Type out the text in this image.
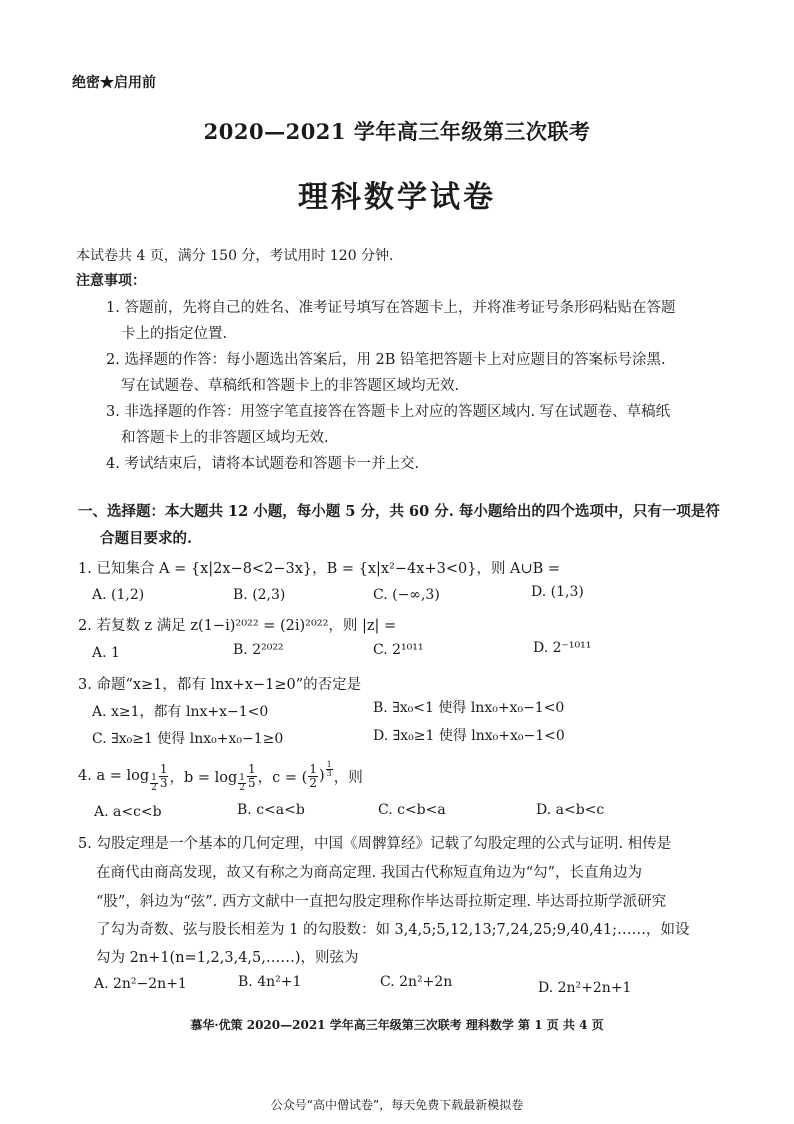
绝密★启用前
2020—2021 学年高三年级第三次联考
理科数学试卷
本试卷共 4 页，满分 150 分，考试用时 120 分钟.
注意事项：
1. 答题前，先将自己的姓名、准考证号填写在答题卡上，并将准考证号条形码粘贴在答题
卡上的指定位置.
2. 选择题的作答：每小题选出答案后，用 2B 铅笔把答题卡上对应题目的答案标号涂黑.
写在试题卷、草稿纸和答题卡上的非答题区域均无效.
3. 非选择题的作答：用签字笔直接答在答题卡上对应的答题区域内. 写在试题卷、草稿纸
和答题卡上的非答题区域均无效.
4. 考试结束后，请将本试题卷和答题卡一并上交.
一、选择题：本大题共 12 小题，每小题 5 分，共 60 分. 每小题给出的四个选项中，只有一项是符
合题目要求的.
1. 已知集合 A = {x|2x−8<2−3x}，B = {x|x²−4x+3<0}，则 A∪B =
A. (1,2)	B. (2,3)	C. (−∞,3)	D. (1,3)
2. 若复数 z 满足 z(1−i)²⁰²² = (2i)²⁰²²，则 |z| =
A. 1	B. 2²⁰²²	C. 2¹⁰¹¹	D. 2⁻¹⁰¹¹
3. 命题“x≥1，都有 lnx+x−1≥0”的否定是
A. x≥1，都有 lnx+x−1<0	B. ∃x₀<1 使得 lnx₀+x₀−1<0
C. ∃x₀≥1 使得 lnx₀+x₀−1≥0	D. ∃x₀≥1 使得 lnx₀+x₀−1<0
4. $a = \log \frac{1}{2} \frac{1}{3}$ ，$b = \log \frac{1}{2} \frac{1}{5}$ ，c = ( $\frac{1}{2}$ ) $\frac{1}{3}$ ，则
A. a<c<b	B. c<a<b	C. c<b<a	D. a<b<c
5. 勾股定理是一个基本的几何定理，中国《周髀算经》记载了勾股定理的公式与证明. 相传是
在商代由商高发现，故又有称之为商高定理. 我国古代称短直角边为“勾”，长直角边为
“股”，斜边为“弦”. 西方文献中一直把勾股定理称作毕达哥拉斯定理. 毕达哥拉斯学派研究
了勾为奇数、弦与股长相差为 1 的勾股数：如 3,4,5;5,12,13;7,24,25;9,40,41;……，如设
勾为 2n+1(n=1,2,3,4,5,……)，则弦为
A. 2n²−2n+1	B. 4n²+1	C. 2n²+2n	D. 2n²+2n+1
慕华·优策 2020—2021 学年高三年级第三次联考 理科数学 第 1 页 共 4 页
公众号“高中僧试卷”，每天免费下载最新模拟卷
